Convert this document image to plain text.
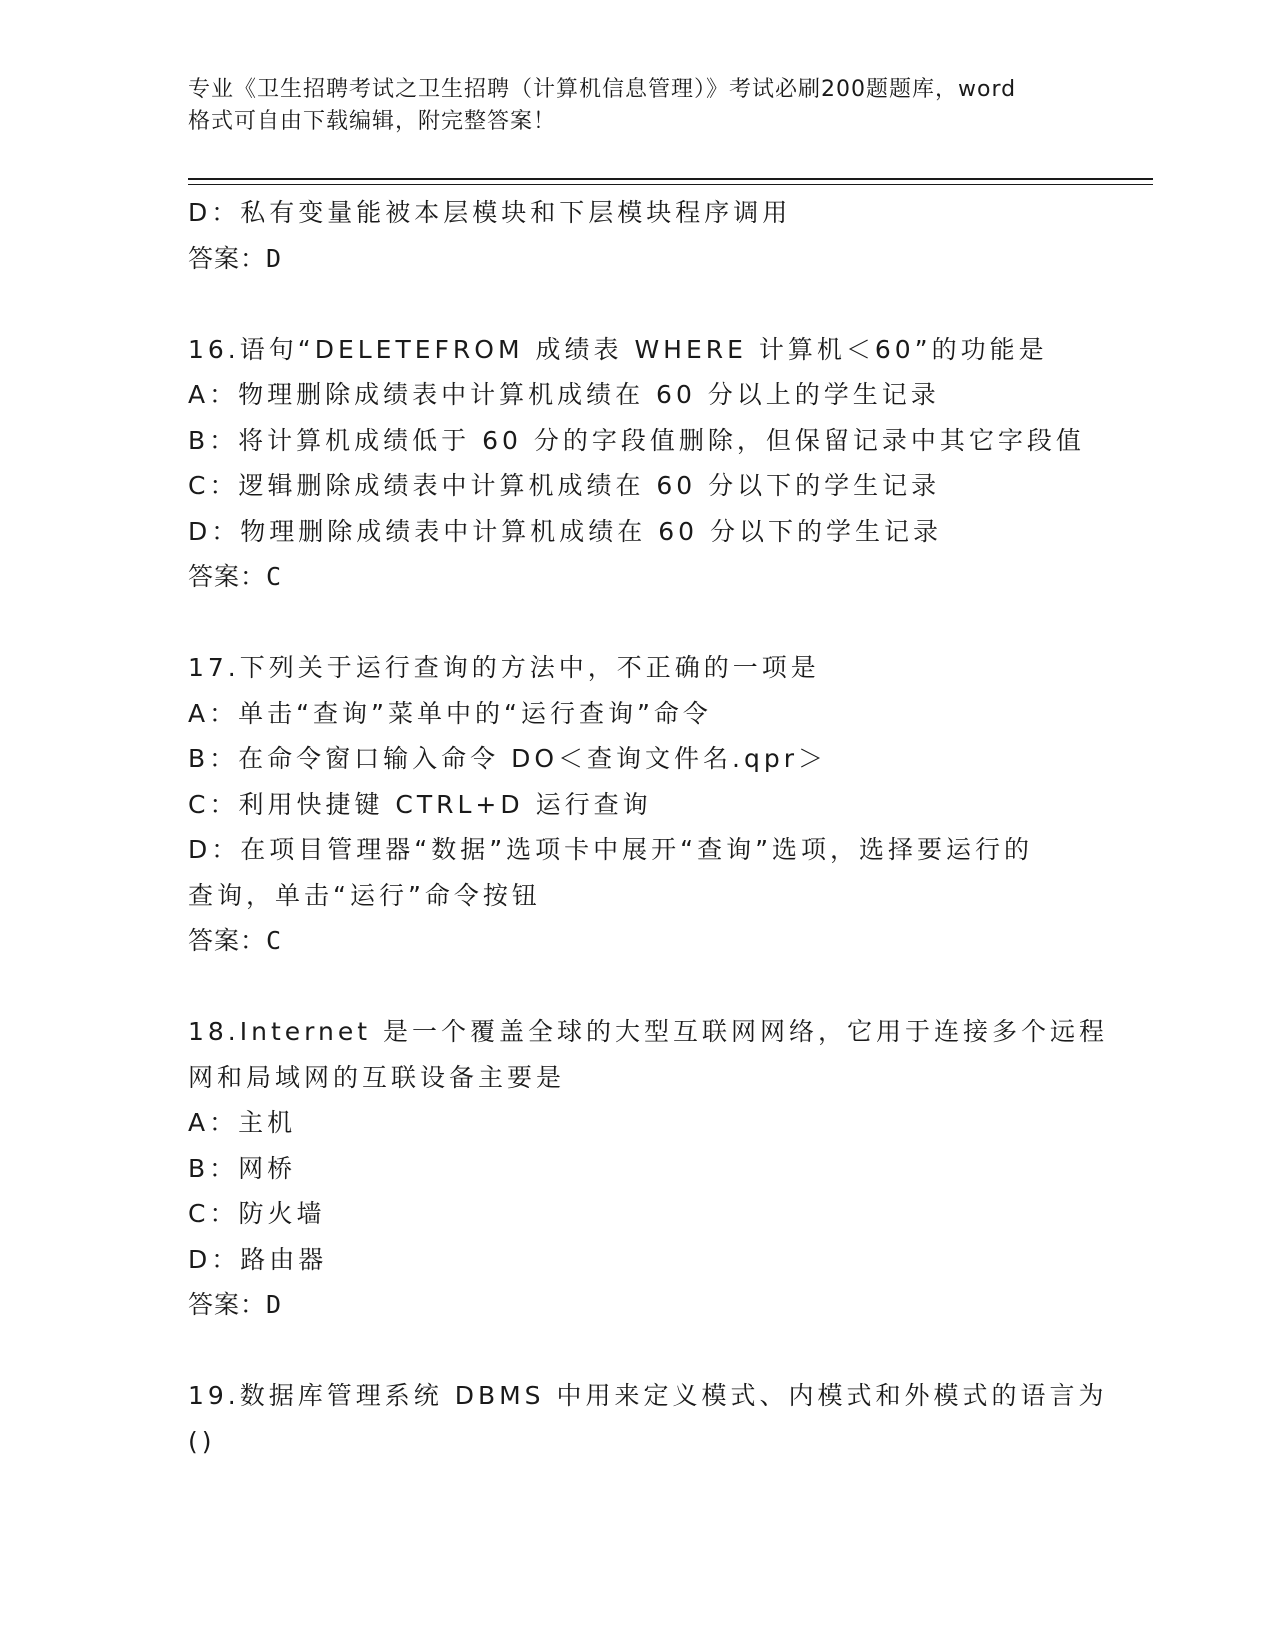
专业《卫生招聘考试之卫生招聘（计算机信息管理）》考试必刷200题题库，word
格式可自由下载编辑，附完整答案！
D：私有变量能被本层模块和下层模块程序调用
答案：D
16.语句“DELETEFROM 成绩表 WHERE 计算机＜60”的功能是
A：物理删除成绩表中计算机成绩在 60 分以上的学生记录
B：将计算机成绩低于 60 分的字段值删除，但保留记录中其它字段值
C：逻辑删除成绩表中计算机成绩在 60 分以下的学生记录
D：物理删除成绩表中计算机成绩在 60 分以下的学生记录
答案：C
17.下列关于运行查询的方法中，不正确的一项是
A：单击“查询”菜单中的“运行查询”命令
B：在命令窗口输入命令 DO＜查询文件名.qpr＞
C：利用快捷键 CTRL+D 运行查询
D：在项目管理器“数据”选项卡中展开“查询”选项，选择要运行的
查询，单击“运行”命令按钮
答案：C
18.Internet 是一个覆盖全球的大型互联网网络，它用于连接多个远程
网和局域网的互联设备主要是
A：主机
B：网桥
C：防火墙
D：路由器
答案：D
19.数据库管理系统 DBMS 中用来定义模式、内模式和外模式的语言为
()
